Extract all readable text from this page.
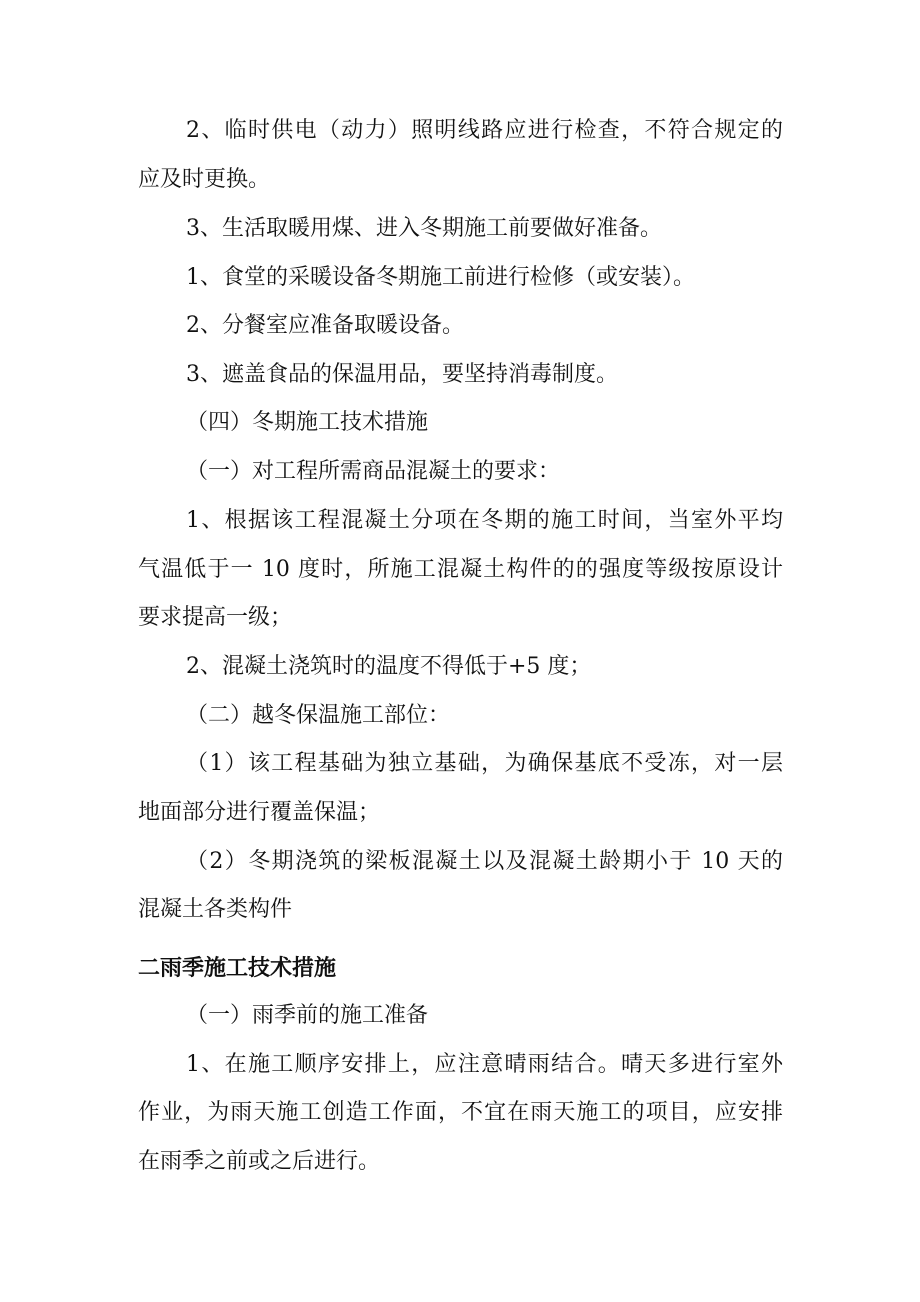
2、临时供电（动力）照明线路应进行检查，不符合规定的
应及时更换。
3、生活取暖用煤、进入冬期施工前要做好准备。
1、食堂的采暖设备冬期施工前进行检修（或安装）。
2、分餐室应准备取暖设备。
3、遮盖食品的保温用品，要坚持消毒制度。
（四）冬期施工技术措施
（一）对工程所需商品混凝土的要求：
1、根据该工程混凝土分项在冬期的施工时间，当室外平均
气温低于一 10 度时，所施工混凝土构件的的强度等级按原设计
要求提高一级；
2、混凝土浇筑时的温度不得低于+5 度；
（二）越冬保温施工部位：
（1）该工程基础为独立基础，为确保基底不受冻，对一层
地面部分进行覆盖保温；
（2）冬期浇筑的梁板混凝土以及混凝土龄期小于 10 天的
混凝土各类构件
二雨季施工技术措施
（一）雨季前的施工准备
1、在施工顺序安排上，应注意晴雨结合。晴天多进行室外
作业，为雨天施工创造工作面，不宜在雨天施工的项目，应安排
在雨季之前或之后进行。
